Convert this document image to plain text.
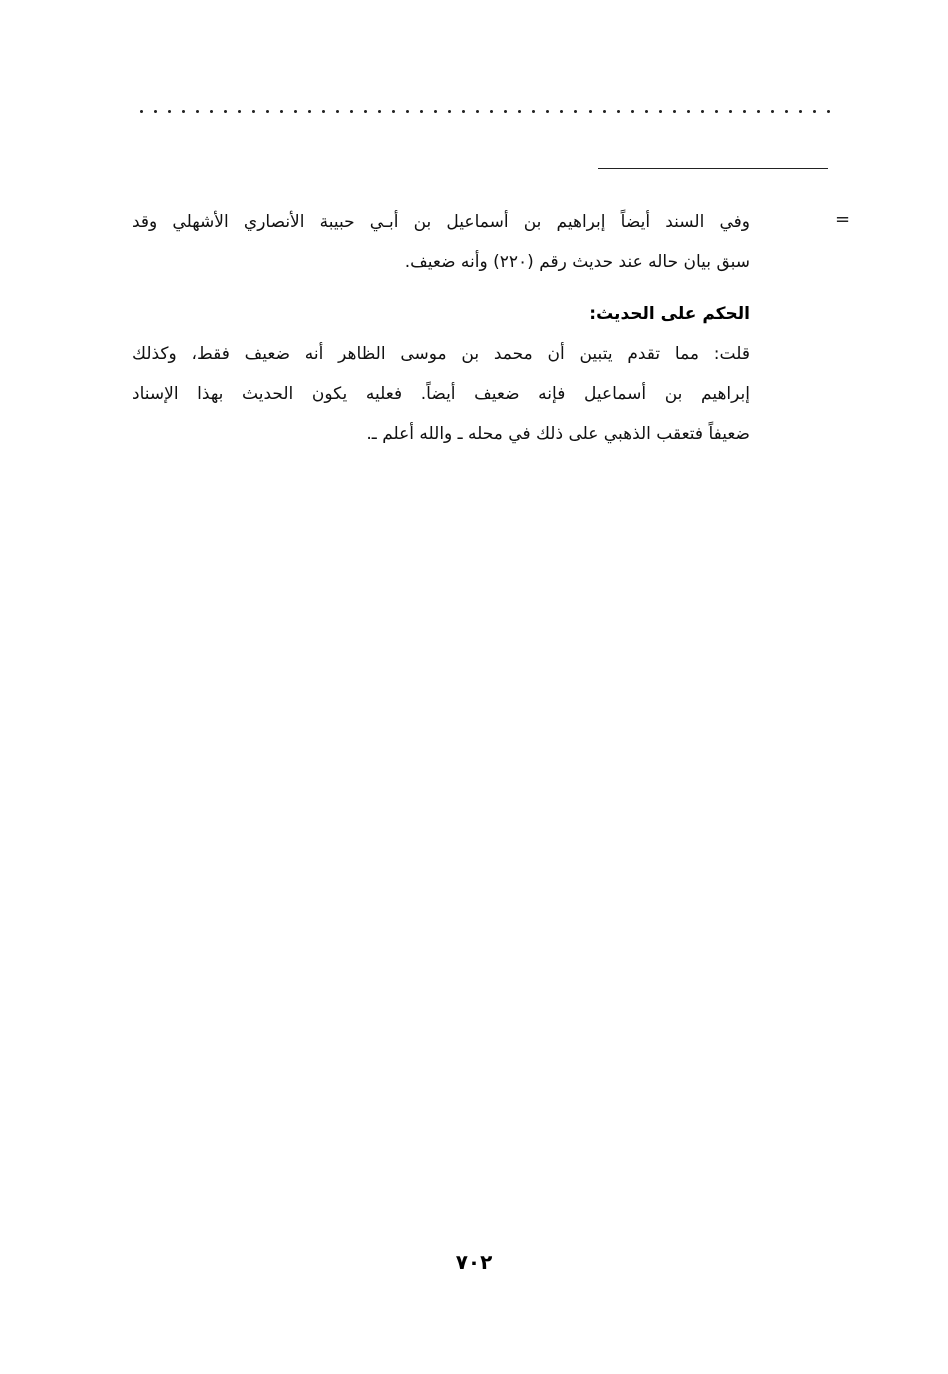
=
وفي السند أيضاً إبراهيم بن أسماعيل بن أبـي حبيبة الأنصاري الأشهلي وقد
سبق بيان حاله عند حديث رقم (٢٢٠) وأنه ضعيف.
الحكم على الحديث:
قلت: مما تقدم يتبين أن محمد بن موسى الظاهر أنه ضعيف فقط، وكذلك
إبراهيم بن أسماعيل فإنه ضعيف أيضاً. فعليه يكون الحديث بهذا الإسناد
ضعيفاً فتعقب الذهبي على ذلك في محله ـ والله أعلم ـ.
٧٠٢
